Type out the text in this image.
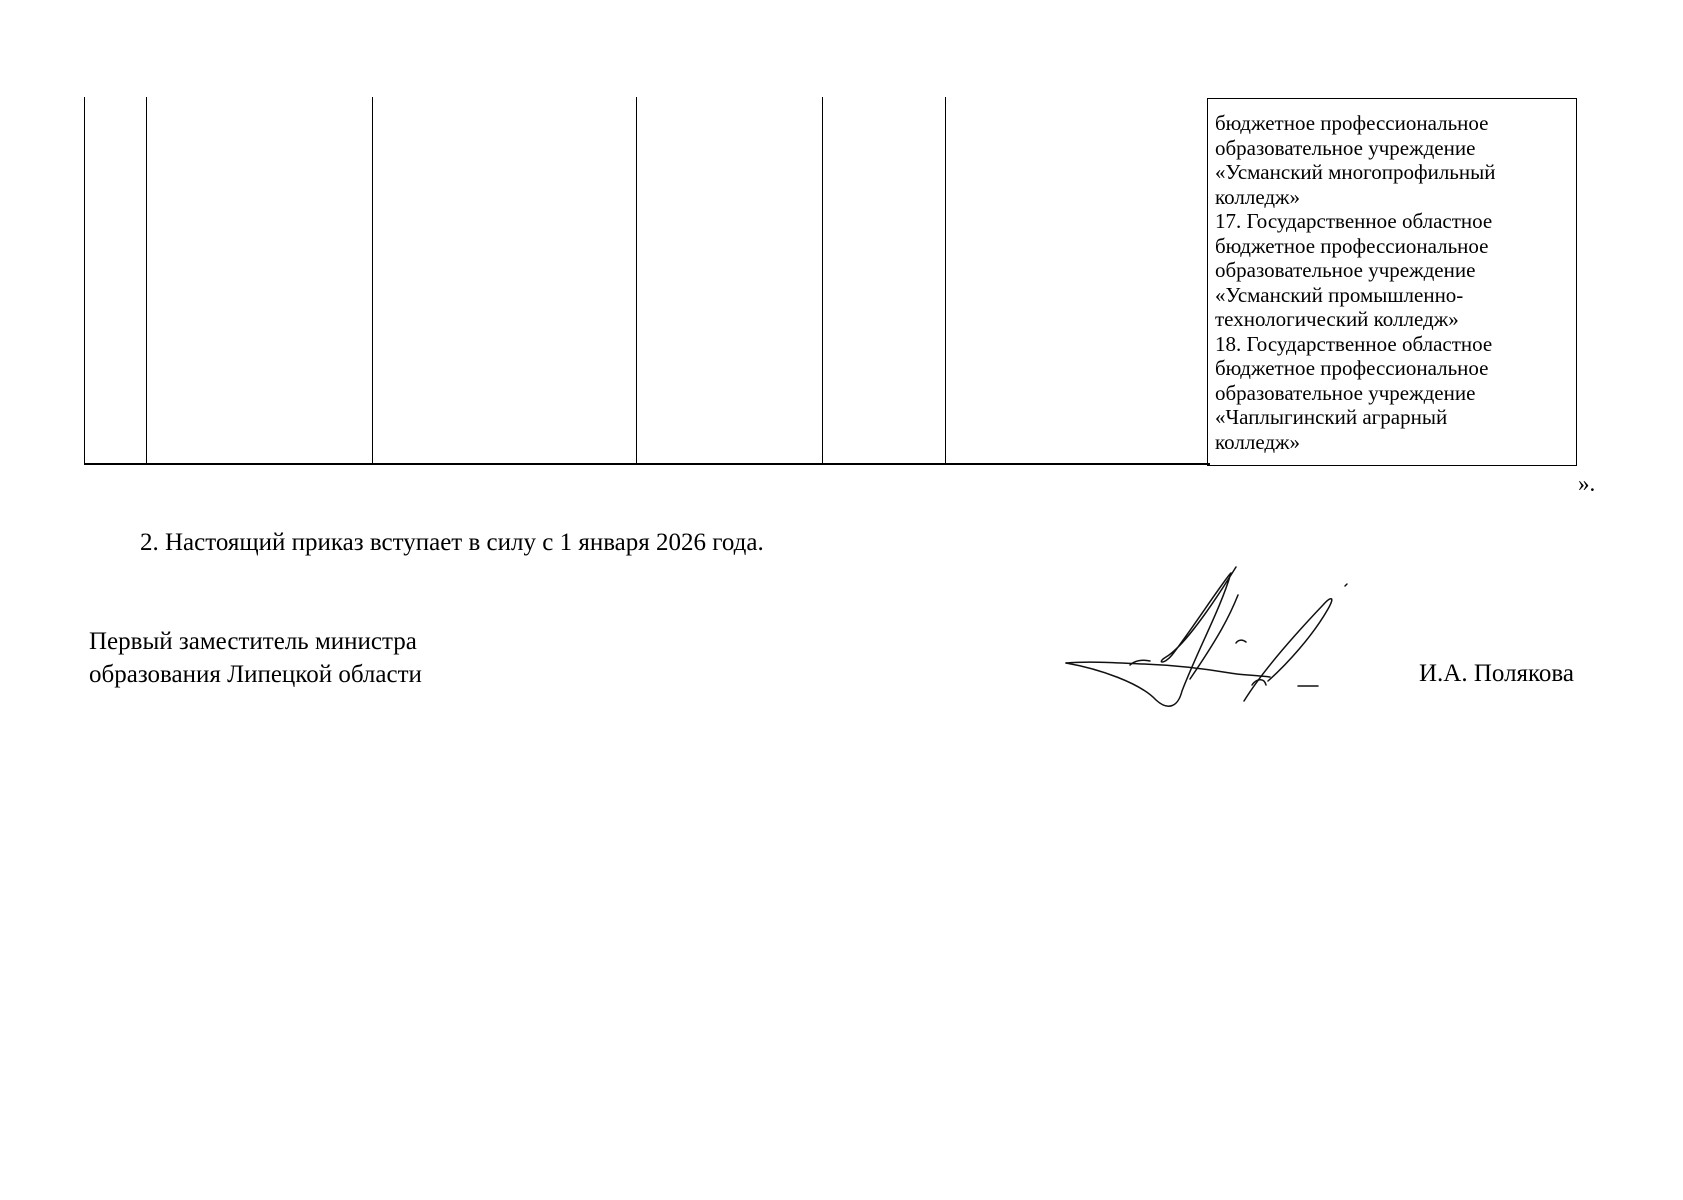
бюджетное профессиональное
образовательное учреждение
«Усманский многопрофильный
колледж»
17. Государственное областное
бюджетное профессиональное
образовательное учреждение
«Усманский промышленно-
технологический колледж»
18. Государственное областное
бюджетное профессиональное
образовательное учреждение
«Чаплыгинский аграрный
колледж»
».
2. Настоящий приказ вступает в силу с 1 января 2026 года.
Первый заместитель министра
образования Липецкой области	И.А. Полякова
